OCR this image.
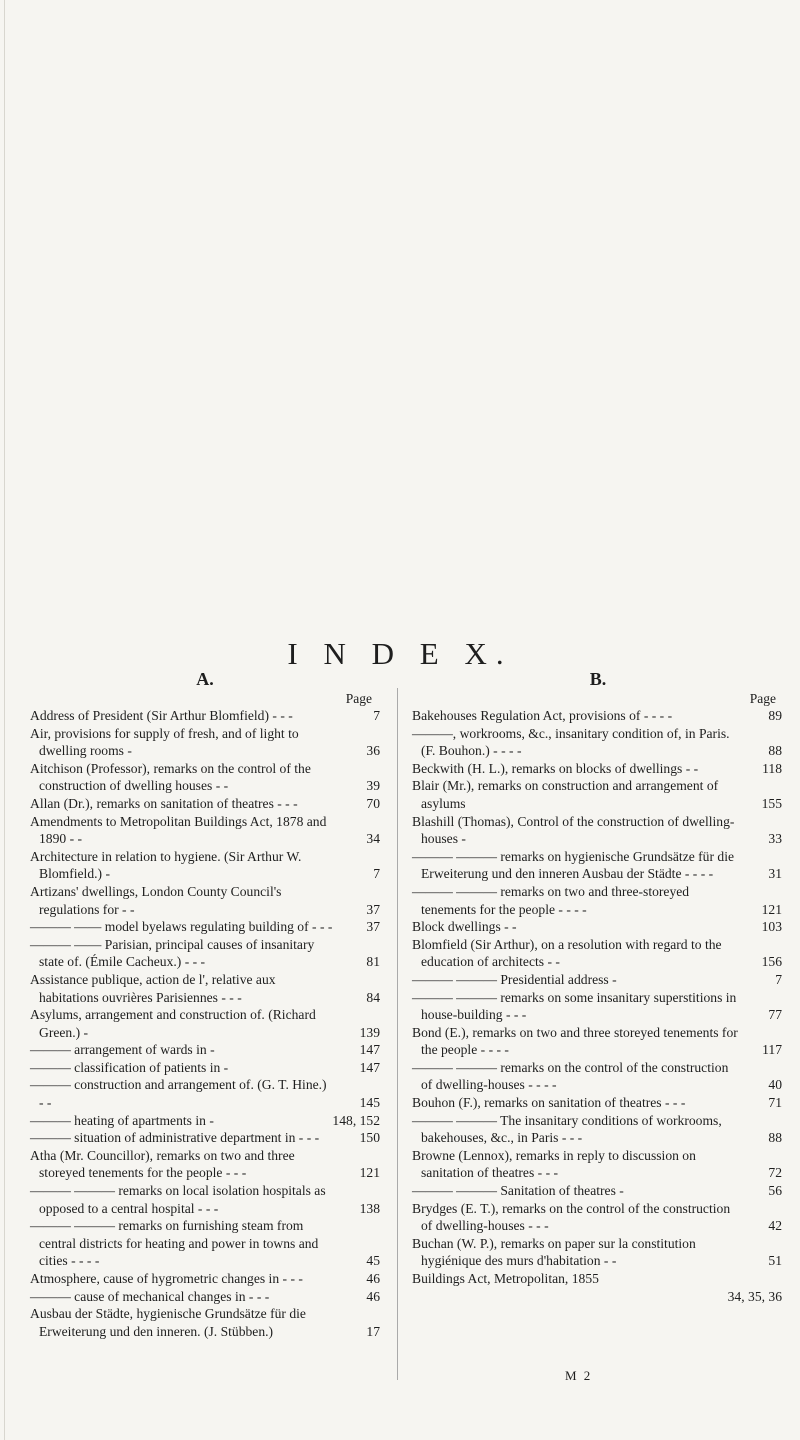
I N D E X.
A.
Page
Address of President (Sir Arthur Blomfield) - - -	7
Air, provisions for supply of fresh, and of light to dwelling rooms -	36
Aitchison (Professor), remarks on the control of the construction of dwelling houses - -	39
Allan (Dr.), remarks on sanitation of theatres - - -	70
Amendments to Metropolitan Buildings Act, 1878 and 1890 - -	34
Architecture in relation to hygiene. (Sir Arthur W. Blomfield.) -	7
Artizans' dwellings, London County Council's regulations for - -	37
——— —— model byelaws regulating building of - - - 37
——— —— Parisian, principal causes of insanitary state of. (Émile Cacheux.) - - -	81
Assistance publique, action de l', relative aux habitations ouvrières Parisiennes - - -	84
Asylums, arrangement and construction of. (Richard Green.) -	139
——— arrangement of wards in -	147
——— classification of patients in -	147
——— construction and arrangement of. (G. T. Hine.) - -	145
——— heating of apartments in -	148, 152
——— situation of administrative department in - - -	150
Atha (Mr. Councillor), remarks on two and three storeyed tenements for the people - - -	121
——— ——— remarks on local isolation hospitals as opposed to a central hospital - - -	138
——— ——— remarks on furnishing steam from central districts for heating and power in towns and cities - - - -	45
Atmosphere, cause of hygrometric changes in - - -	46
——— cause of mechanical changes in - - -	46
Ausbau der Städte, hygienische Grundsätze für die Erweiterung und den inneren. (J. Stübben.)	17
B.
Page
Bakehouses Regulation Act, provisions of - - - -	89
———, workrooms, &c., insanitary condition of, in Paris. (F. Bouhon.) - - - -	88
Beckwith (H. L.), remarks on blocks of dwellings - -	118
Blair (Mr.), remarks on construction and arrangement of asylums	155
Blashill (Thomas), Control of the construction of dwelling-houses -	33
——— ——— remarks on hygienische Grundsätze für die Erweiterung und den inneren Ausbau der Städte - - - -	31
——— ——— remarks on two and three-storeyed tenements for the people - - - -	121
Block dwellings - -	103
Blomfield (Sir Arthur), on a resolution with regard to the education of architects - -	156
——— ——— Presidential address -	7
——— ——— remarks on some insanitary superstitions in house-building - - -	77
Bond (E.), remarks on two and three storeyed tenements for the people - - - -	117
——— ——— remarks on the control of the construction of dwelling-houses - - - -	40
Bouhon (F.), remarks on sanitation of theatres - - -	71
——— ——— The insanitary conditions of workrooms, bakehouses, &c., in Paris - - -	88
Browne (Lennox), remarks in reply to discussion on sanitation of theatres - - -	72
——— ——— Sanitation of theatres -	56
Brydges (E. T.), remarks on the control of the construction of dwelling-houses - - -	42
Buchan (W. P.), remarks on paper sur la constitution hygiénique des murs d'habitation - -	51
Buildings Act, Metropolitan, 1855
34, 35, 36
M 2
